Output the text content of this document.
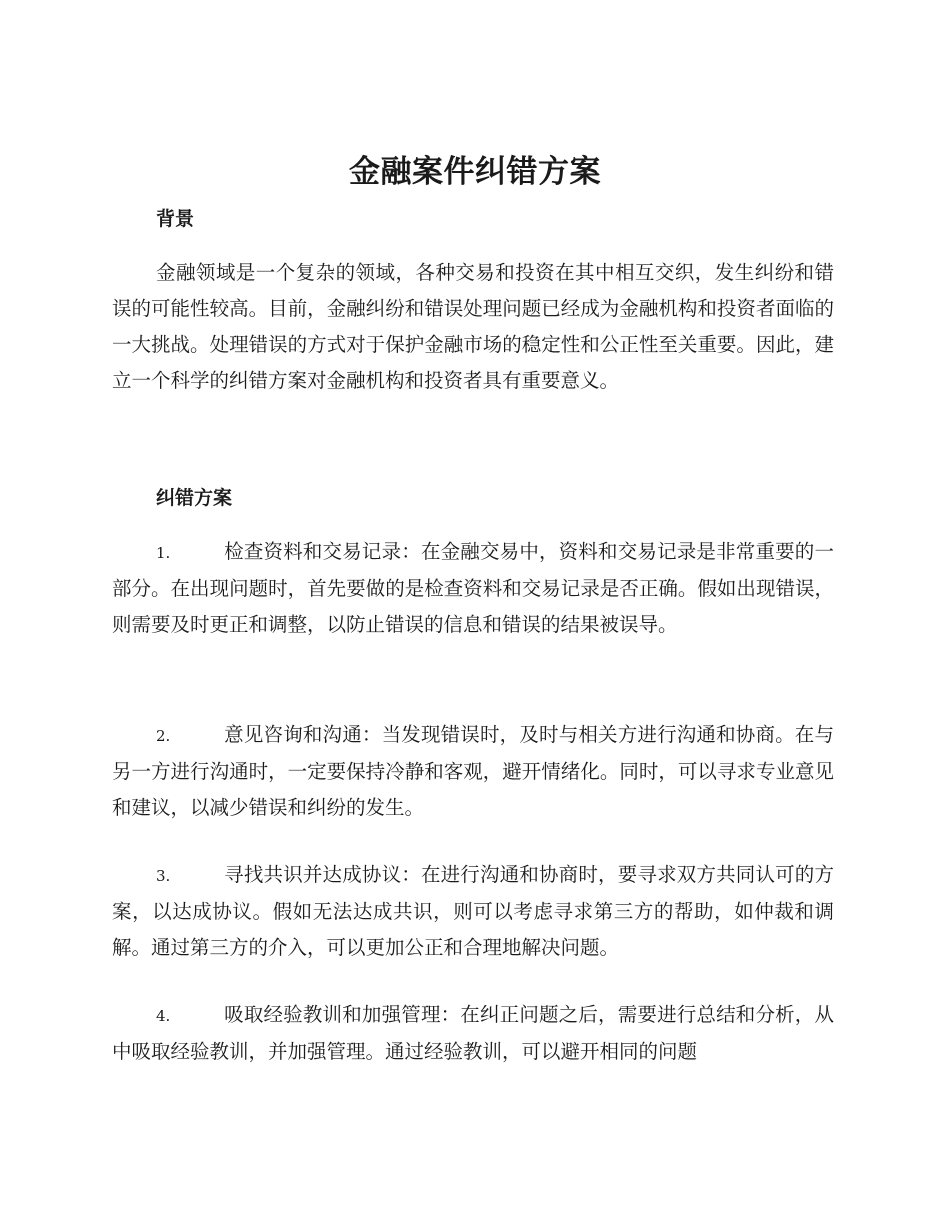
金融案件纠错方案
背景

金融领域是一个复杂的领域，各种交易和投资在其中相互交织，发生纠纷和错误的可能性较高。目前，金融纠纷和错误处理问题已经成为金融机构和投资者面临的一大挑战。处理错误的方式对于保护金融市场的稳定性和公正性至关重要。因此，建立一个科学的纠错方案对金融机构和投资者具有重要意义。

纠错方案

1.	检查资料和交易记录：在金融交易中，资料和交易记录是非常重要的一部分。在出现问题时，首先要做的是检查资料和交易记录是否正确。假如出现错误，则需要及时更正和调整，以防止错误的信息和错误的结果被误导。

2.	意见咨询和沟通：当发现错误时，及时与相关方进行沟通和协商。在与另一方进行沟通时，一定要保持冷静和客观，避开情绪化。同时，可以寻求专业意见和建议，以减少错误和纠纷的发生。

3.	寻找共识并达成协议：在进行沟通和协商时，要寻求双方共同认可的方案，以达成协议。假如无法达成共识，则可以考虑寻求第三方的帮助，如仲裁和调解。通过第三方的介入，可以更加公正和合理地解决问题。

4.	吸取经验教训和加强管理：在纠正问题之后，需要进行总结和分析，从中吸取经验教训，并加强管理。通过经验教训，可以避开相同的问题
